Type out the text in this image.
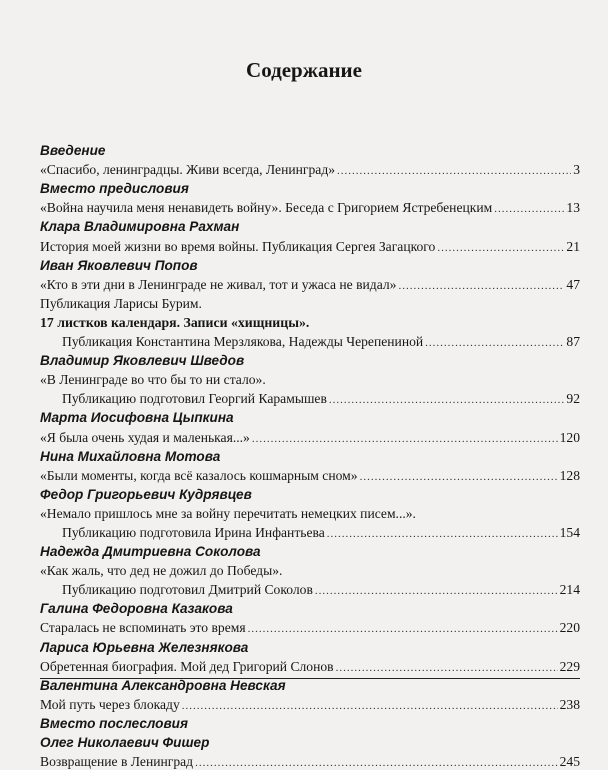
Содержание
Введение
«Спасибо, ленинградцы. Живи всегда, Ленинград» .....	3
Вместо предисловия
«Война научила меня ненавидеть войну». Беседа с Григорием Ястребенецким .....	13
Клара Владимировна Рахман
История моей жизни во время войны. Публикация Сергея Загацкого .....	21
Иван Яковлевич Попов
«Кто в эти дни в Ленинграде не живал, тот и ужаса не видал» .....	47
Публикация Ларисы Бурим.
17 листков календаря. Записи «хищницы».
Публикация Константина Мерзлякова, Надежды Черепениной .....	87
Владимир Яковлевич Шведов
«В Ленинграде во что бы то ни стало».
Публикацию подготовил Георгий Карамышев .....	92
Марта Иосифовна Цыпкина
«Я была очень худая и маленькая...» .....	120
Нина Михайловна Мотова
«Были моменты, когда всё казалось кошмарным сном» .....	128
Федор Григорьевич Кудрявцев
«Немало пришлось мне за войну перечитать немецких писем...».
Публикацию подготовила Ирина Инфантьева .....	154
Надежда Дмитриевна Соколова
«Как жаль, что дед не дожил до Победы».
Публикацию подготовил Дмитрий Соколов .....	214
Галина Федоровна Казакова
Старалась не вспоминать это время .....	220
Лариса Юрьевна Железнякова
Обретенная биография. Мой дед Григорий Слонов .....	229
Валентина Александровна Невская
Мой путь через блокаду .....	238
Вместо послесловия
Олег Николаевич Фишер
Возвращение в Ленинград .....	245
